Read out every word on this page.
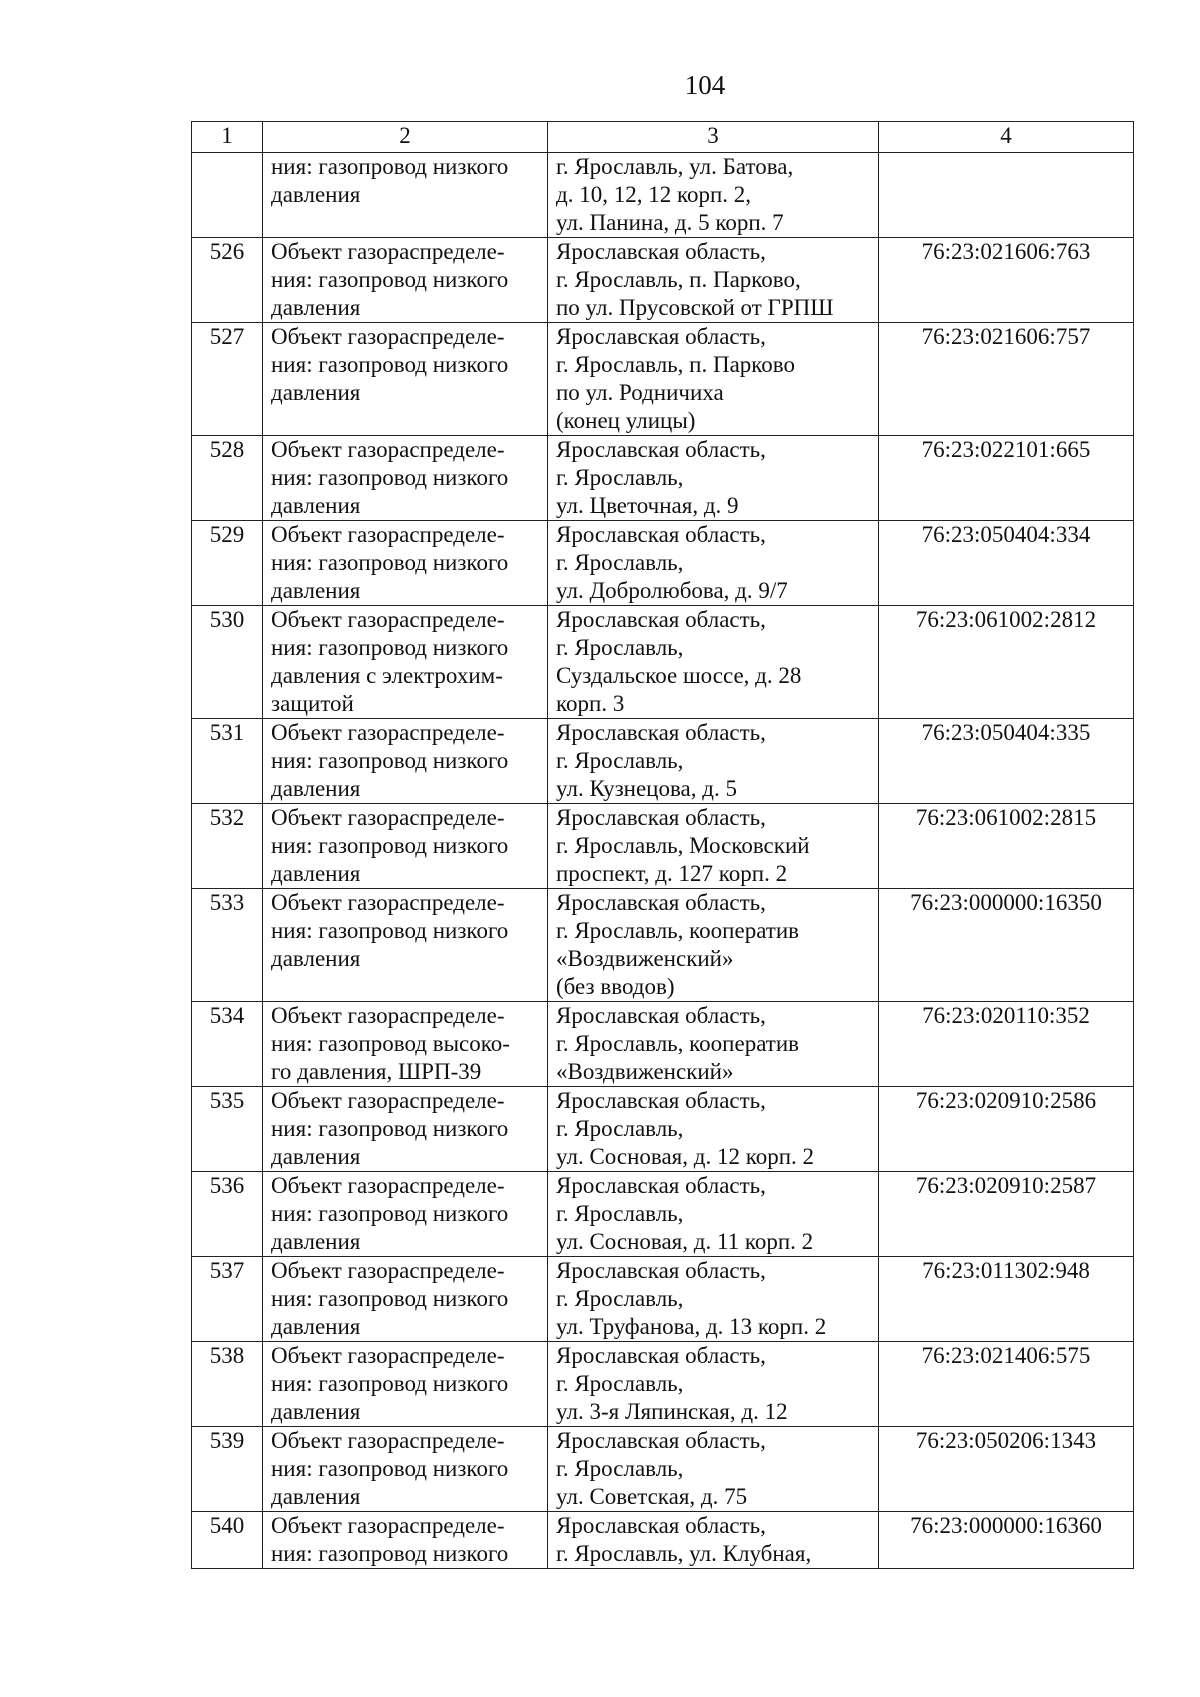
104
1	2	3	4

	ния: газопровод низкого
давления	г. Ярославль, ул. Батова,
д. 10, 12, 12 корп. 2,
ул. Панина, д. 5 корп. 7	

526	Объект газораспределе-
ния: газопровод низкого
давления	Ярославская область,
г. Ярославль, п. Парково,
по ул. Прусовской от ГРПШ	76:23:021606:763
527	Объект газораспределе-
ния: газопровод низкого
давления	Ярославская область,
г. Ярославль, п. Парково
по ул. Родничиха
(конец улицы)	76:23:021606:757
528	Объект газораспределе-
ния: газопровод низкого
давления	Ярославская область,
г. Ярославль,
ул. Цветочная, д. 9	76:23:022101:665
529	Объект газораспределе-
ния: газопровод низкого
давления	Ярославская область,
г. Ярославль,
ул. Добролюбова, д. 9/7	76:23:050404:334
530	Объект газораспределе-
ния: газопровод низкого
давления с электрохим-
защитой	Ярославская область,
г. Ярославль,
Суздальское шоссе, д. 28
корп. 3	76:23:061002:2812
531	Объект газораспределе-
ния: газопровод низкого
давления	Ярославская область,
г. Ярославль,
ул. Кузнецова, д. 5	76:23:050404:335
532	Объект газораспределе-
ния: газопровод низкого
давления	Ярославская область,
г. Ярославль, Московский
проспект, д. 127 корп. 2	76:23:061002:2815
533	Объект газораспределе-
ния: газопровод низкого
давления	Ярославская область,
г. Ярославль, кооператив
«Воздвиженский»
(без вводов)	76:23:000000:16350
534	Объект газораспределе-
ния: газопровод высоко-
го давления, ШРП-39	Ярославская область,
г. Ярославль, кооператив
«Воздвиженский»	76:23:020110:352
535	Объект газораспределе-
ния: газопровод низкого
давления	Ярославская область,
г. Ярославль,
ул. Сосновая, д. 12 корп. 2	76:23:020910:2586
536	Объект газораспределе-
ния: газопровод низкого
давления	Ярославская область,
г. Ярославль,
ул. Сосновая, д. 11 корп. 2	76:23:020910:2587
537	Объект газораспределе-
ния: газопровод низкого
давления	Ярославская область,
г. Ярославль,
ул. Труфанова, д. 13 корп. 2	76:23:011302:948
538	Объект газораспределе-
ния: газопровод низкого
давления	Ярославская область,
г. Ярославль,
ул. 3-я Ляпинская, д. 12	76:23:021406:575
539	Объект газораспределе-
ния: газопровод низкого
давления	Ярославская область,
г. Ярославль,
ул. Советская, д. 75	76:23:050206:1343
540	Объект газораспределе-
ния: газопровод низкого	Ярославская область,
г. Ярославль, ул. Клубная,	76:23:000000:16360
